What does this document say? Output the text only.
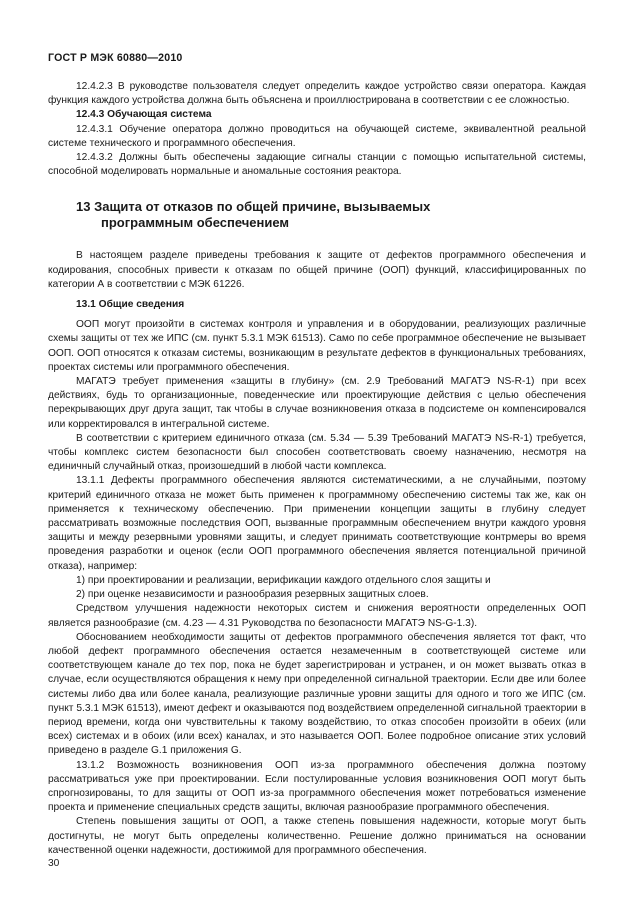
ГОСТ Р МЭК 60880—2010

12.4.2.3 В руководстве пользователя следует определить каждое устройство связи оператора. Каждая функция каждого устройства должна быть объяснена и проиллюстрирована в соответствии с ее сложностью.

12.4.3 Обучающая система

12.4.3.1 Обучение оператора должно проводиться на обучающей системе, эквивалентной реальной системе технического и программного обеспечения.

12.4.3.2 Должны быть обеспечены задающие сигналы станции с помощью испытательной системы, способной моделировать нормальные и аномальные состояния реактора.

13 Защита от отказов по общей причине, вызываемых
программным обеспечением

В настоящем разделе приведены требования к защите от дефектов программного обеспечения и кодирования, способных привести к отказам по общей причине (ООП) функций, классифицированных по категории А в соответствии с МЭК 61226.

13.1 Общие сведения

ООП могут произойти в системах контроля и управления и в оборудовании, реализующих различные схемы защиты от тех же ИПС (см. пункт 5.3.1 МЭК 61513). Само по себе программное обеспечение не вызывает ООП. ООП относятся к отказам системы, возникающим в результате дефектов в функциональных требованиях, проектах системы или программного обеспечения.

МАГАТЭ требует применения «защиты в глубину» (см. 2.9 Требований МАГАТЭ NS-R-1) при всех действиях, будь то организационные, поведенческие или проектирующие действия с целью обеспечения перекрывающих друг друга защит, так чтобы в случае возникновения отказа в подсистеме он компенсировался или корректировался в интегральной системе.

В соответствии с критерием единичного отказа (см. 5.34 — 5.39 Требований МАГАТЭ NS-R-1) требуется, чтобы комплекс систем безопасности был способен соответствовать своему назначению, несмотря на единичный случайный отказ, произошедший в любой части комплекса.

13.1.1 Дефекты программного обеспечения являются систематическими, а не случайными, поэтому критерий единичного отказа не может быть применен к программному обеспечению системы так же, как он применяется к техническому обеспечению. При применении концепции защиты в глубину следует рассматривать возможные последствия ООП, вызванные программным обеспечением внутри каждого уровня защиты и между резервными уровнями защиты, и следует принимать соответствующие контрмеры во время проведения разработки и оценок (если ООП программного обеспечения является потенциальной причиной отказа), например:

1) при проектировании и реализации, верификации каждого отдельного слоя защиты и
2) при оценке независимости и разнообразия резервных защитных слоев.

Средством улучшения надежности некоторых систем и снижения вероятности определенных ООП является разнообразие (см. 4.23 — 4.31 Руководства по безопасности МАГАТЭ NS-G-1.3).

Обоснованием необходимости защиты от дефектов программного обеспечения является тот факт, что любой дефект программного обеспечения остается незамеченным в соответствующей системе или соответствующем канале до тех пор, пока не будет зарегистрирован и устранен, и он может вызвать отказ в случае, если осуществляются обращения к нему при определенной сигнальной траектории. Если две или более системы либо два или более канала, реализующие различные уровни защиты для одного и того же ИПС (см. пункт 5.3.1 МЭК 61513), имеют дефект и оказываются под воздействием определенной сигнальной траектории в период времени, когда они чувствительны к такому воздействию, то отказ способен произойти в обеих (или всех) системах и в обоих (или всех) каналах, и это называется ООП. Более подробное описание этих условий приведено в разделе G.1 приложения G.

13.1.2 Возможность возникновения ООП из-за программного обеспечения должна поэтому рассматриваться уже при проектировании. Если постулированные условия возникновения ООП могут быть спрогнозированы, то для защиты от ООП из-за программного обеспечения может потребоваться изменение проекта и применение специальных средств защиты, включая разнообразие программного обеспечения.

Степень повышения защиты от ООП, а также степень повышения надежности, которые могут быть достигнуты, не могут быть определены количественно. Решение должно приниматься на основании качественной оценки надежности, достижимой для программного обеспечения.

30
